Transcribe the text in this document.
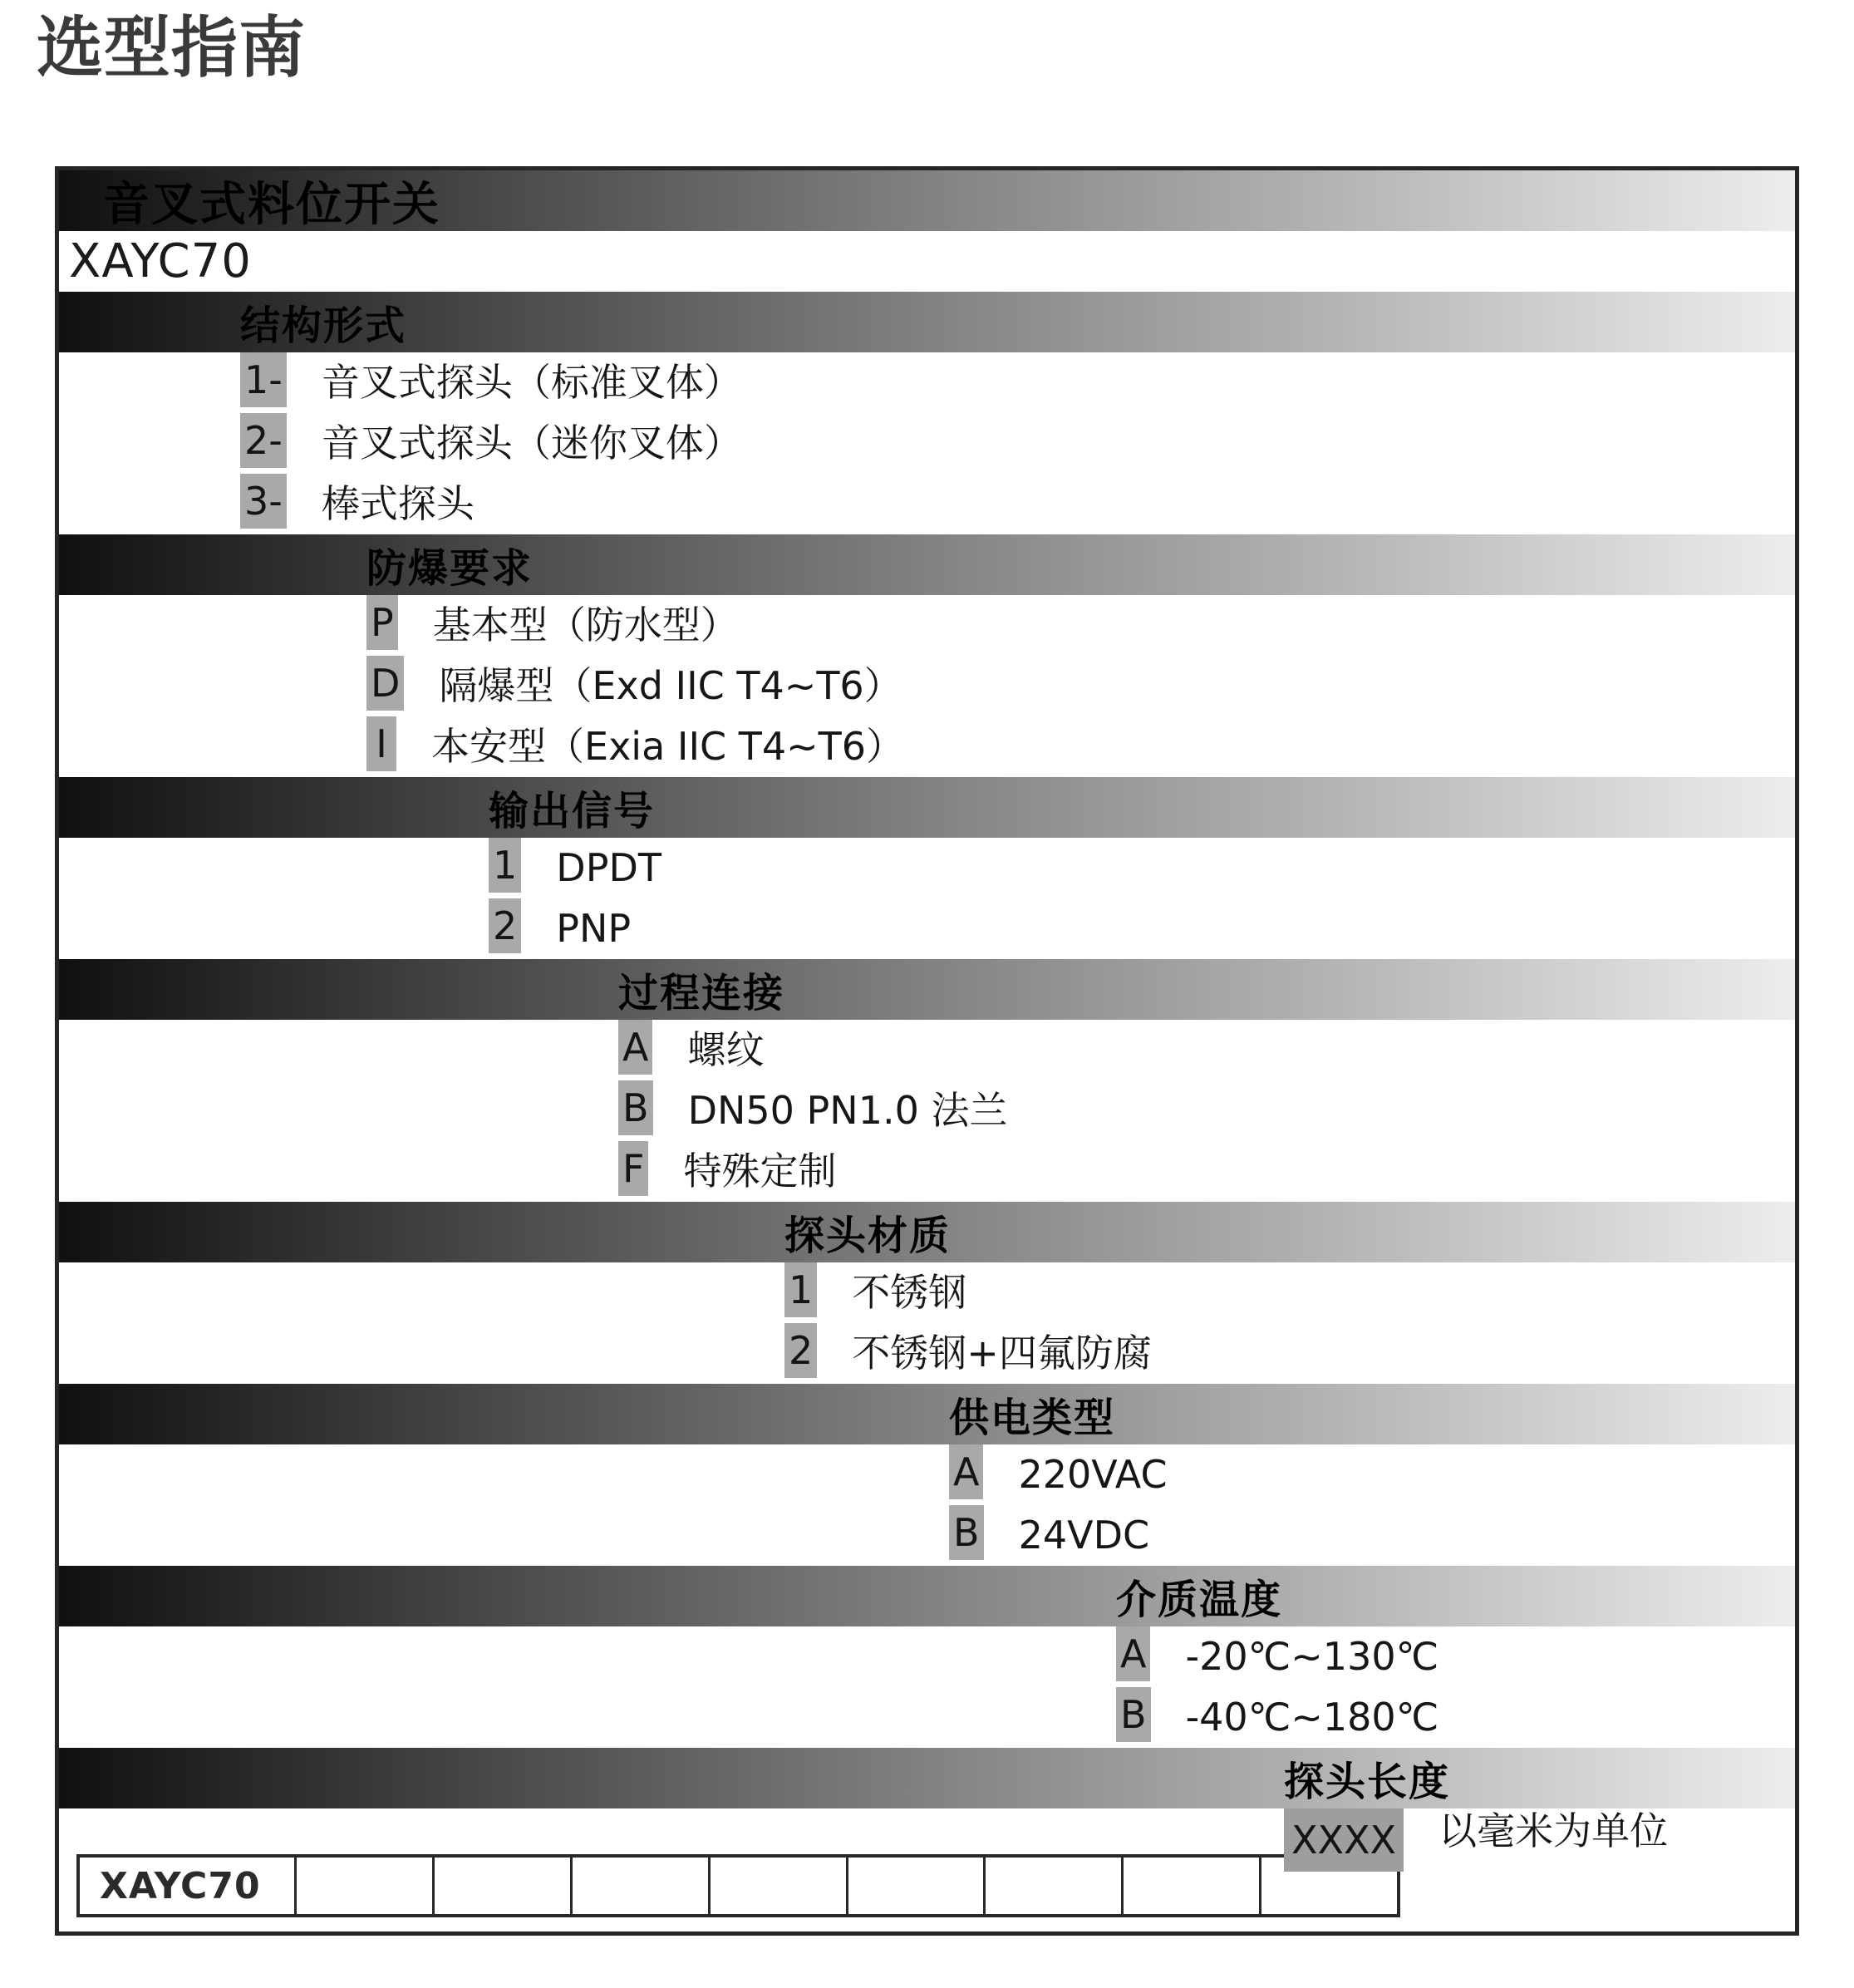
选型指南
音叉式料位开关
XAYC70
结构形式
1- 音叉式探头（标准叉体）
2- 音叉式探头（迷你叉体）
3- 棒式探头
防爆要求
P 基本型（防水型）
D 隔爆型（Exd IIC T4~T6）
I 本安型（Exia IIC T4~T6）
输出信号
1 DPDT
2 PNP
过程连接
A 螺纹
B DN50 PN1.0 法兰
F 特殊定制
探头材质
1 不锈钢
2 不锈钢+四氟防腐
供电类型
A 220VAC
B 24VDC
介质温度
A -20℃~130℃
B -40℃~180℃
探头长度
XXXX 以毫米为单位
XAYC70
